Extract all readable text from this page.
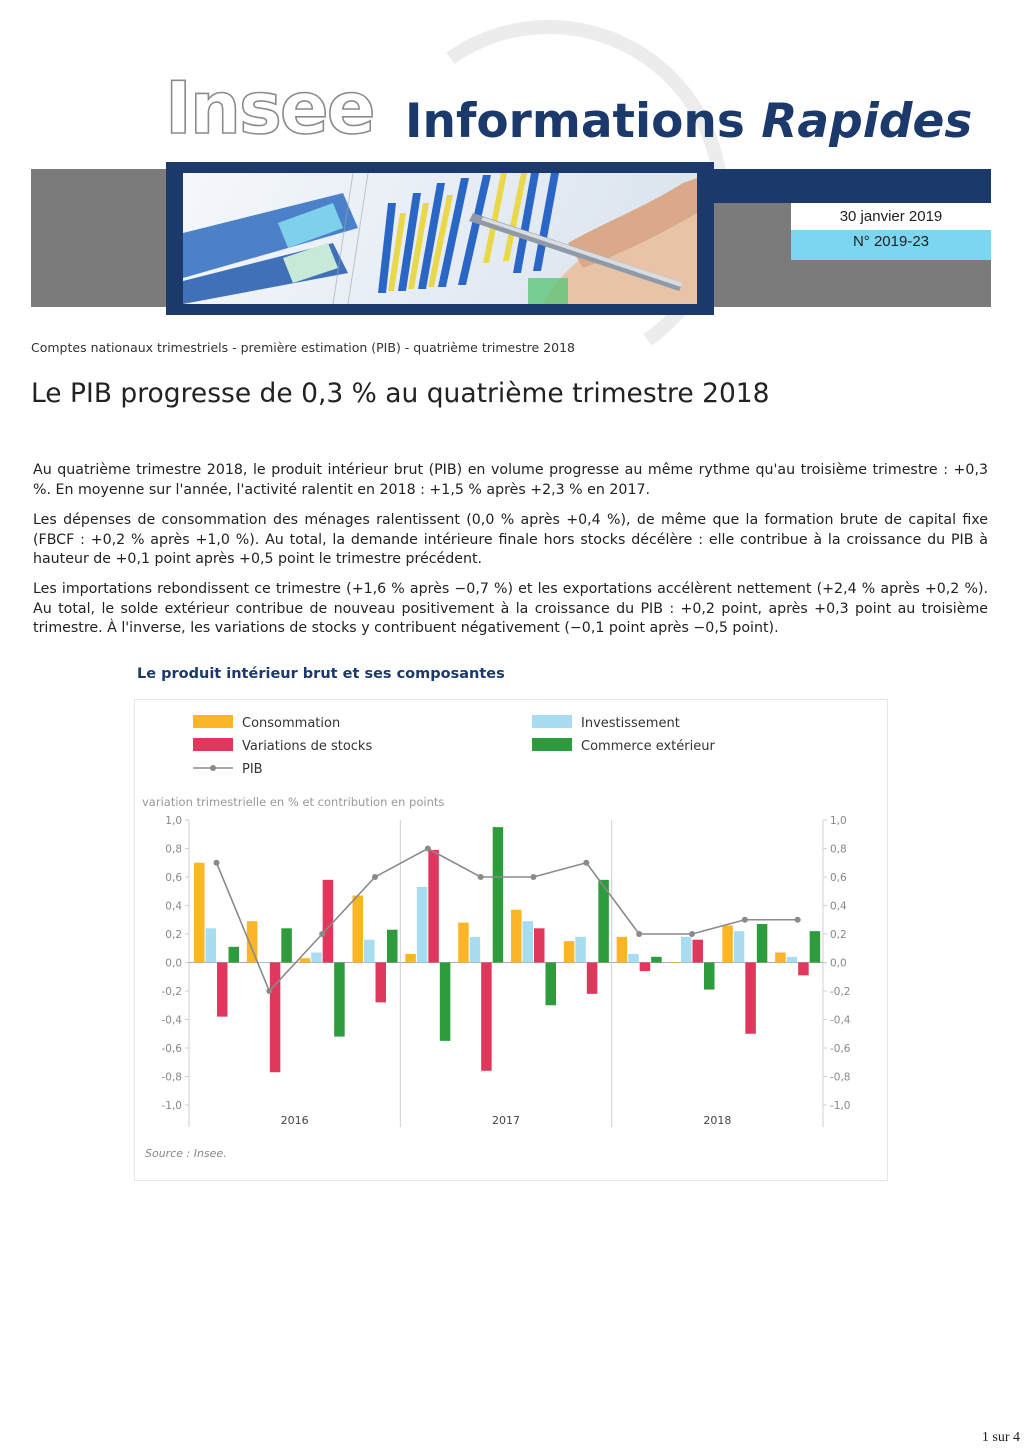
Insee Informations Rapides
30 janvier 2019
N° 2019-23
Comptes nationaux trimestriels - première estimation (PIB) - quatrième trimestre 2018
Le PIB progresse de 0,3 % au quatrième trimestre 2018

Au quatrième trimestre 2018, le produit intérieur brut (PIB) en volume progresse au même rythme qu'au troisième trimestre : +0,3 %. En moyenne sur l'année, l'activité ralentit en 2018 : +1,5 % après +2,3 % en 2017.

Les dépenses de consommation des ménages ralentissent (0,0 % après +0,4 %), de même que la formation brute de capital fixe (FBCF : +0,2 % après +1,0 %). Au total, la demande intérieure finale hors stocks décélère : elle contribue à la croissance du PIB à hauteur de +0,1 point après +0,5 point le trimestre précédent.

Les importations rebondissent ce trimestre (+1,6 % après −0,7 %) et les exportations accélèrent nettement (+2,4 % après +0,2 %). Au total, le solde extérieur contribue de nouveau positivement à la croissance du PIB : +0,2 point, après +0,3 point au troisième trimestre. À l'inverse, les variations de stocks y contribuent négativement (−0,1 point après −0,5 point).

Le produit intérieur brut et ses composantes
Consommation	Investissement
Variations de stocks	Commerce extérieur
PIB
variation trimestrielle en % et contribution en points
1,0	1,0
0,8	0,8
0,6	0,6
0,4	0,4
0,2	0,2
0,0	0,0
-0,2	-0,2
-0,4	-0,4
-0,6	-0,6
-0,8	-0,8
-1,0	-1,0
2016	2017	2018
Source : Insee.
1 sur 4
